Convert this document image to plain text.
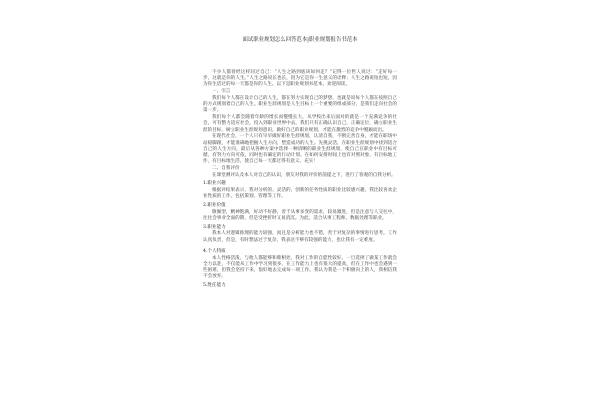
面试职业规划怎么回答范本|职业规划报告书范本

不少人都曾经这样问过自己：“人生之路到底该如何走？”记得一位哲人说过：“走好每一步，这就是你的人生。”人生之路说长也长，因为它是你一生意义的诠释；人生之路说短也短，因为你生活过的每一天都是你的人生。以下是职业规划书范本，欢迎阅读。

一、引言

我们每个人都在设计自己的人生，都在努力实现自己的梦想，也就是说每个人都在按照自己的方式规划着自己的人生。职业生涯规划是人生目标上一个重要的组成部分，是我们走向社会的第一步。

我们每个人都会随着年龄的增长而慢慢长大，从学校出来后面对的就是一个充满竞争的社会，可有整力适应社会，投入到职业世界中去。我们只有正确认识自己，正确定位，确立职业生涯的目标，树立职业生涯规划意识，做好自己的职业规划，才能在激烈的竞争中脱颖而出。

在现代社会，一个人只有早早做好职业生涯规划，认清自我，不断完善自身，才能在职场中站稳脚跟，才能准确地把握人生方向，塑造成功的人生。先挑灵活，在职业生涯规划中找到适合自己的人生方向，最后从各种方案中选择一种清晰的职业生涯规划，使自己在职业中有目标可循，有努力方向可依，同时也有确定的行动计划。在如何安排时间上也有对照对象，有目标地工作，有目标地生活，使自己每一天都过得有意义、充实！

二、自我评价

在课堂测评认及本人对自己的认识，朋友对我的评价的前提之下，进行了客观的自我分析。

1.职业兴趣

根据评结果表示，我对分析的、灵活的、创新的任务性质的职业比较感兴趣，我比较喜欢企业性质的工作，包括策划、管理等工作。

2.职业价值

敬佩型，精神饱满，好动不好静，善于从事多变的需求，较易激进，但是注意与人交往中，往往会事业全面的期，但是受挫折时又易消沉。为此，适合从事工程师，数据处理等职业。

3.职业能力

我本人对逻辑推理的能力较强，而且是分析能力也不错，善于对复杂的事情进行思考。工作认真负责，但是，有时想法过于复杂，我表达不够有较强的能力，也让我有一定难度。

4.个人特质

本人性格活泼，与他人都能够和睦相处，我对工作的自愿性较好。一旦选择了做某工作就会全力以赴，不仅能从工作中学习到很多，在工作能力上也有很大的提高，但在工作中也会遇到一些困难，但我会坚持下来，很好地去完成每一项工作。我认为我是一个积极向上的人，我相信我不会放弃。

5.胜任能力
